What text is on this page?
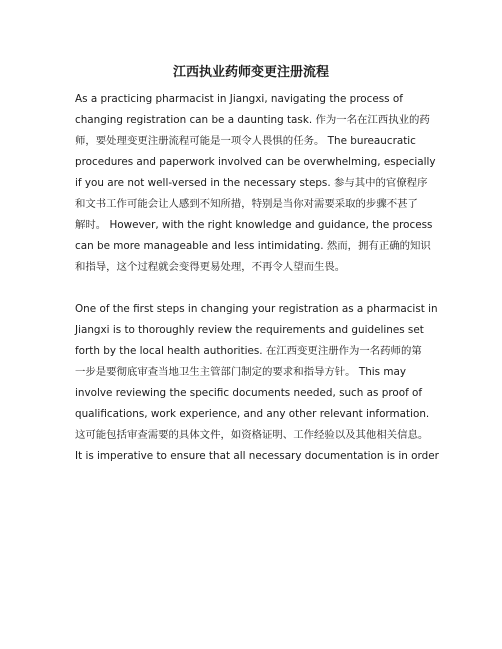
江西执业药师变更注册流程

As a practicing pharmacist in Jiangxi, navigating the process of

changing registration can be a daunting task. 作为一名在江西执业的药

师，要处理变更注册流程可能是一项令人畏惧的任务。 The bureaucratic

procedures and paperwork involved can be overwhelming, especially

if you are not well-versed in the necessary steps. 参与其中的官僚程序

和文书工作可能会让人感到不知所措，特别是当你对需要采取的步骤不甚了

解时。 However, with the right knowledge and guidance, the process

can be more manageable and less intimidating. 然而，拥有正确的知识

和指导，这个过程就会变得更易处理，不再令人望而生畏。

One of the first steps in changing your registration as a pharmacist in

Jiangxi is to thoroughly review the requirements and guidelines set

forth by the local health authorities. 在江西变更注册作为一名药师的第

一步是要彻底审查当地卫生主管部门制定的要求和指导方针。 This may

involve reviewing the specific documents needed, such as proof of

qualifications, work experience, and any other relevant information.

这可能包括审查需要的具体文件，如资格证明、工作经验以及其他相关信息。

It is imperative to ensure that all necessary documentation is in order
